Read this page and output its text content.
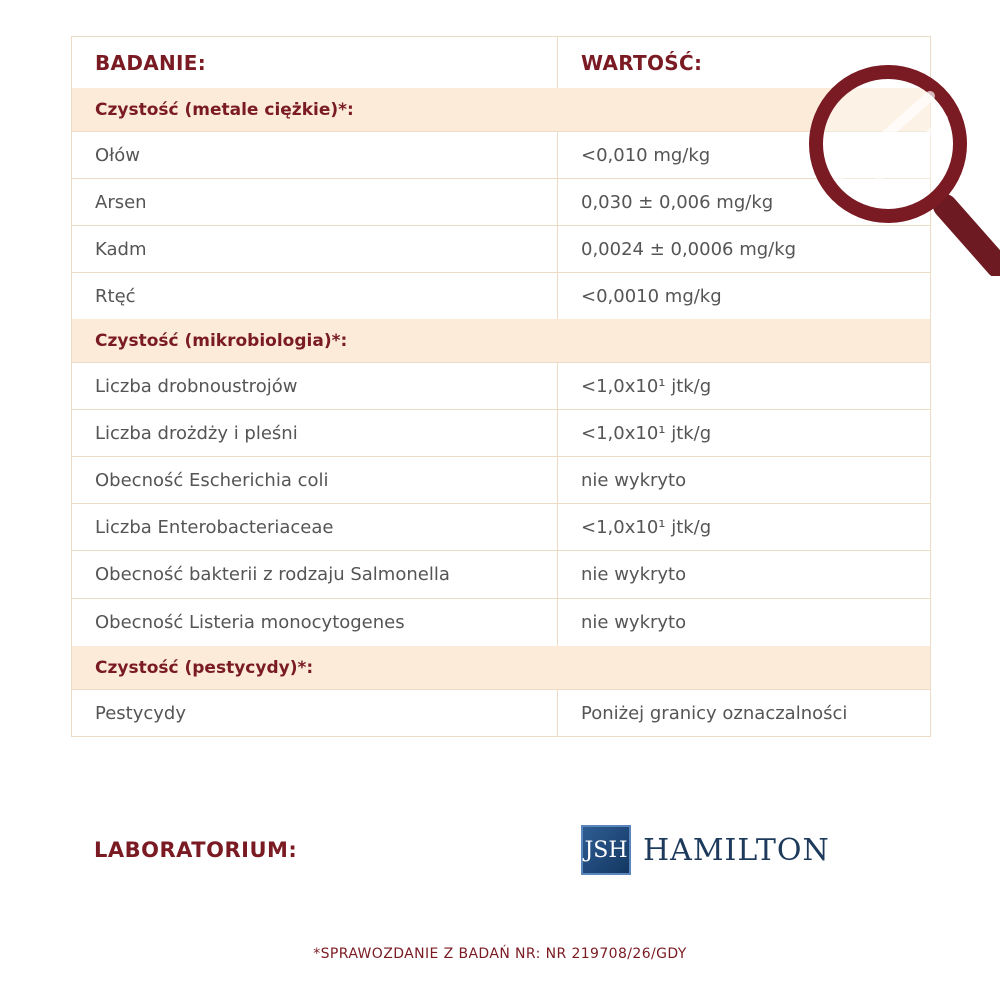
BADANIE:	WARTOŚĆ:
Czystość (metale ciężkie)*:
Ołów	<0,010 mg/kg
Arsen	0,030 ± 0,006 mg/kg
Kadm	0,0024 ± 0,0006 mg/kg
Rtęć	<0,0010 mg/kg
Czystość (mikrobiologia)*:
Liczba drobnoustrojów	<1,0x10¹ jtk/g
Liczba drożdży i pleśni	<1,0x10¹ jtk/g
Obecność Escherichia coli	nie wykryto
Liczba Enterobacteriaceae	<1,0x10¹ jtk/g
Obecność bakterii z rodzaju Salmonella	nie wykryto
Obecność Listeria monocytogenes	nie wykryto
Czystość (pestycydy)*:
Pestycydy	Poniżej granicy oznaczalności
LABORATORIUM:	JSH HAMILTON
*SPRAWOZDANIE Z BADAŃ NR: NR 219708/26/GDY
